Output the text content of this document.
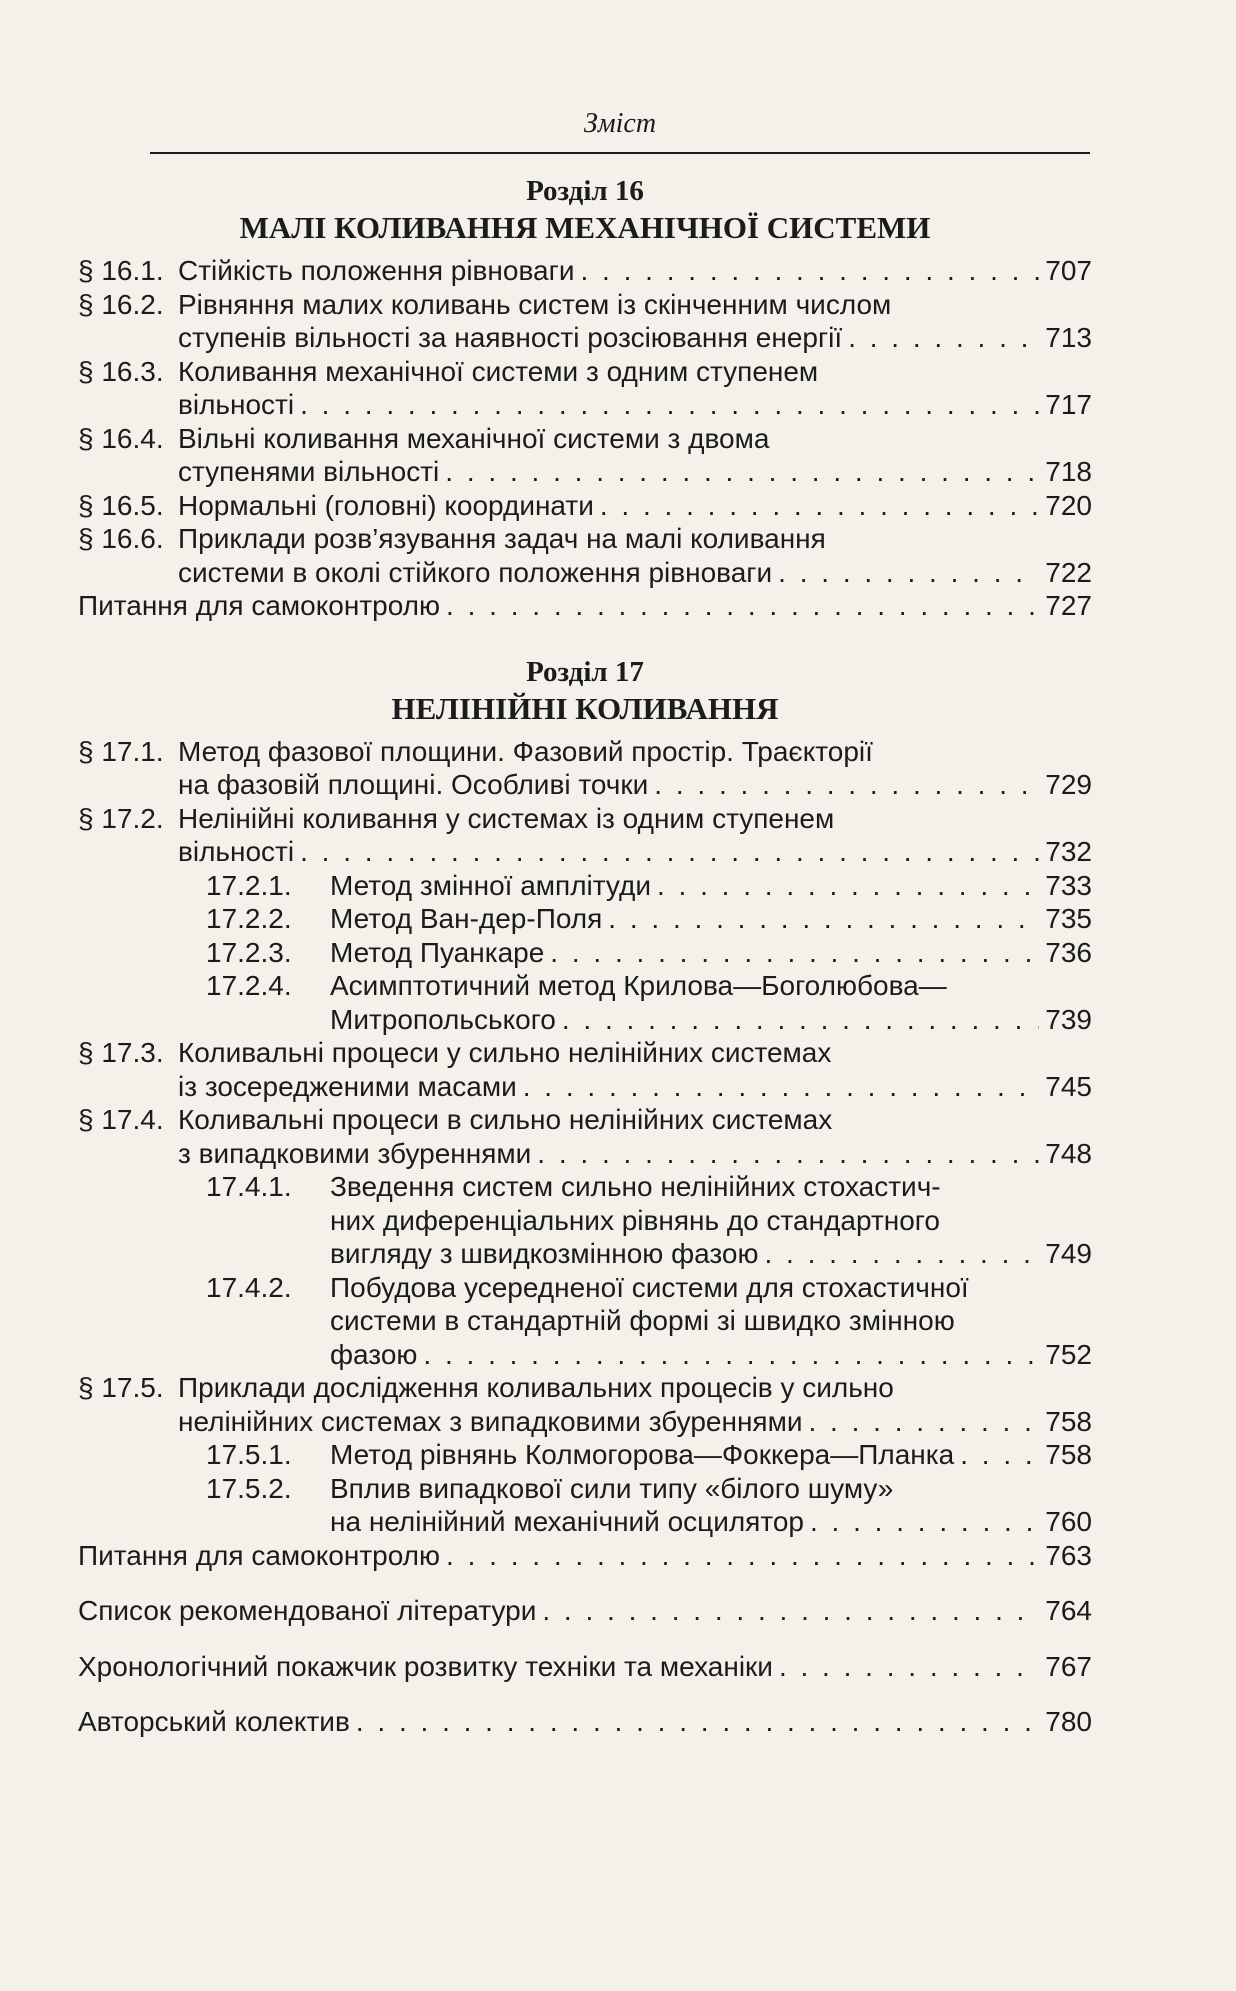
Зміст
Розділ 16
МАЛІ КОЛИВАННЯ МЕХАНІЧНОЇ СИСТЕМИ
§ 16.1. Стійкість положення рівноваги . . .	707
§ 16.2. Рівняння малих коливань систем із скінченним числом
ступенів вільності за наявності розсіювання енергії . . .	713
§ 16.3. Коливання механічної системи з одним ступенем
вільності . . .	717
§ 16.4. Вільні коливання механічної системи з двома
ступенями вільності . . .	718
§ 16.5. Нормальні (головні) координати . . .	720
§ 16.6. Приклади розв’язування задач на малі коливання
системи в околі стійкого положення рівноваги . . .	722
Питання для самоконтролю . . .	727
Розділ 17
НЕЛІНІЙНІ КОЛИВАННЯ
§ 17.1. Метод фазової площини. Фазовий простір. Траєкторії
на фазовій площині. Особливі точки . . .	729
§ 17.2. Нелінійні коливання у системах із одним ступенем
вільності . . .	732
17.2.1.	Метод змінної амплітуди . . .	733
17.2.2.	Метод Ван-дер-Поля . . .	735
17.2.3.	Метод Пуанкаре . . .	736
17.2.4.	Асимптотичний метод Крилова—Боголюбова—
Митропольського . . .	739
§ 17.3. Коливальні процеси у сильно нелінійних системах
із зосередженими масами . . .	745
§ 17.4. Коливальні процеси в сильно нелінійних системах
з випадковими збуреннями . . .	748
17.4.1.	Зведення систем сильно нелінійних стохастич-
них диференціальних рівнянь до стандартного
вигляду з швидкозмінною фазою . . .	749
17.4.2.	Побудова усередненої системи для стохастичної
системи в стандартній формі зі швидко змінною
фазою . . .	752
§ 17.5. Приклади дослідження коливальних процесів у сильно
нелінійних системах з випадковими збуреннями . . .	758
17.5.1.	Метод рівнянь Колмогорова—Фоккера—Планка . . .	758
17.5.2.	Вплив випадкової сили типу «білого шуму»
на нелінійний механічний осцилятор . . .	760
Питання для самоконтролю . . .	763
Список рекомендованої літератури . . .	764
Хронологічний покажчик розвитку техніки та механіки . . .	767
Авторський колектив . . .	780
